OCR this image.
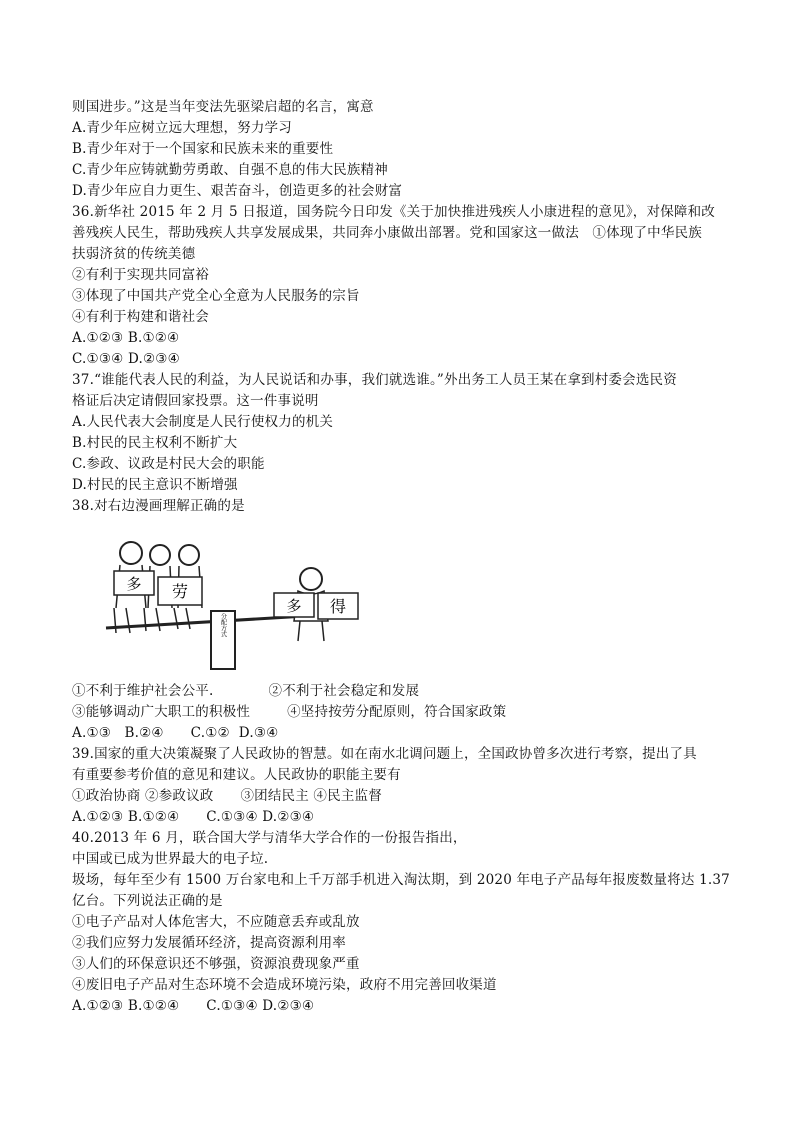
则国进步。”这是当年变法先驱梁启超的名言，寓意
A.青少年应树立远大理想，努力学习
B.青少年对于一个国家和民族未来的重要性
C.青少年应铸就勤劳勇敢、自强不息的伟大民族精神
D.青少年应自力更生、艰苦奋斗，创造更多的社会财富
36.新华社 2015 年 2 月 5 日报道，国务院今日印发《关于加快推进残疾人小康进程的意见》，对保障和改
善残疾人民生，帮助残疾人共享发展成果，共同奔小康做出部署。党和国家这一做法   ①体现了中华民族
扶弱济贫的传统美德
②有利于实现共同富裕
③体现了中国共产党全心全意为人民服务的宗旨
④有利于构建和谐社会
A.①②③ B.①②④
C.①③④ D.②③④
37.“谁能代表人民的利益，为人民说话和办事，我们就选谁。”外出务工人员王某在拿到村委会选民资
格证后决定请假回家投票。这一件事说明
A.人民代表大会制度是人民行使权力的机关
B.村民的民主权利不断扩大
C.参政、议政是村民大会的职能
D.村民的民主意识不断增强
38.对右边漫画理解正确的是
分配方式
多 劳
多 得
①不利于维护社会公平.	②不利于社会稳定和发展
③能够调动广大职工的积极性	④坚持按劳分配原则，符合国家政策
A.①③   B.②④      C.①②  D.③④
39.国家的重大决策凝聚了人民政协的智慧。如在南水北调问题上，全国政协曾多次进行考察，提出了具
有重要参考价值的意见和建议。人民政协的职能主要有
①政治协商 ②参政议政      ③团结民主 ④民主监督
A.①②③ B.①②④      C.①③④ D.②③④
40.2013 年 6 月，联合国大学与清华大学合作的一份报告指出，
中国或已成为世界最大的电子垃.
圾场，每年至少有 1500 万台家电和上千万部手机进入淘汰期，到 2020 年电子产品每年报废数量将达 1.37
亿台。下列说法正确的是
①电子产品对人体危害大，不应随意丢弃或乱放
②我们应努力发展循环经济，提高资源利用率
③人们的环保意识还不够强，资源浪费现象严重
④废旧电子产品对生态环境不会造成环境污染，政府不用完善回收渠道
A.①②③ B.①②④      C.①③④ D.②③④
